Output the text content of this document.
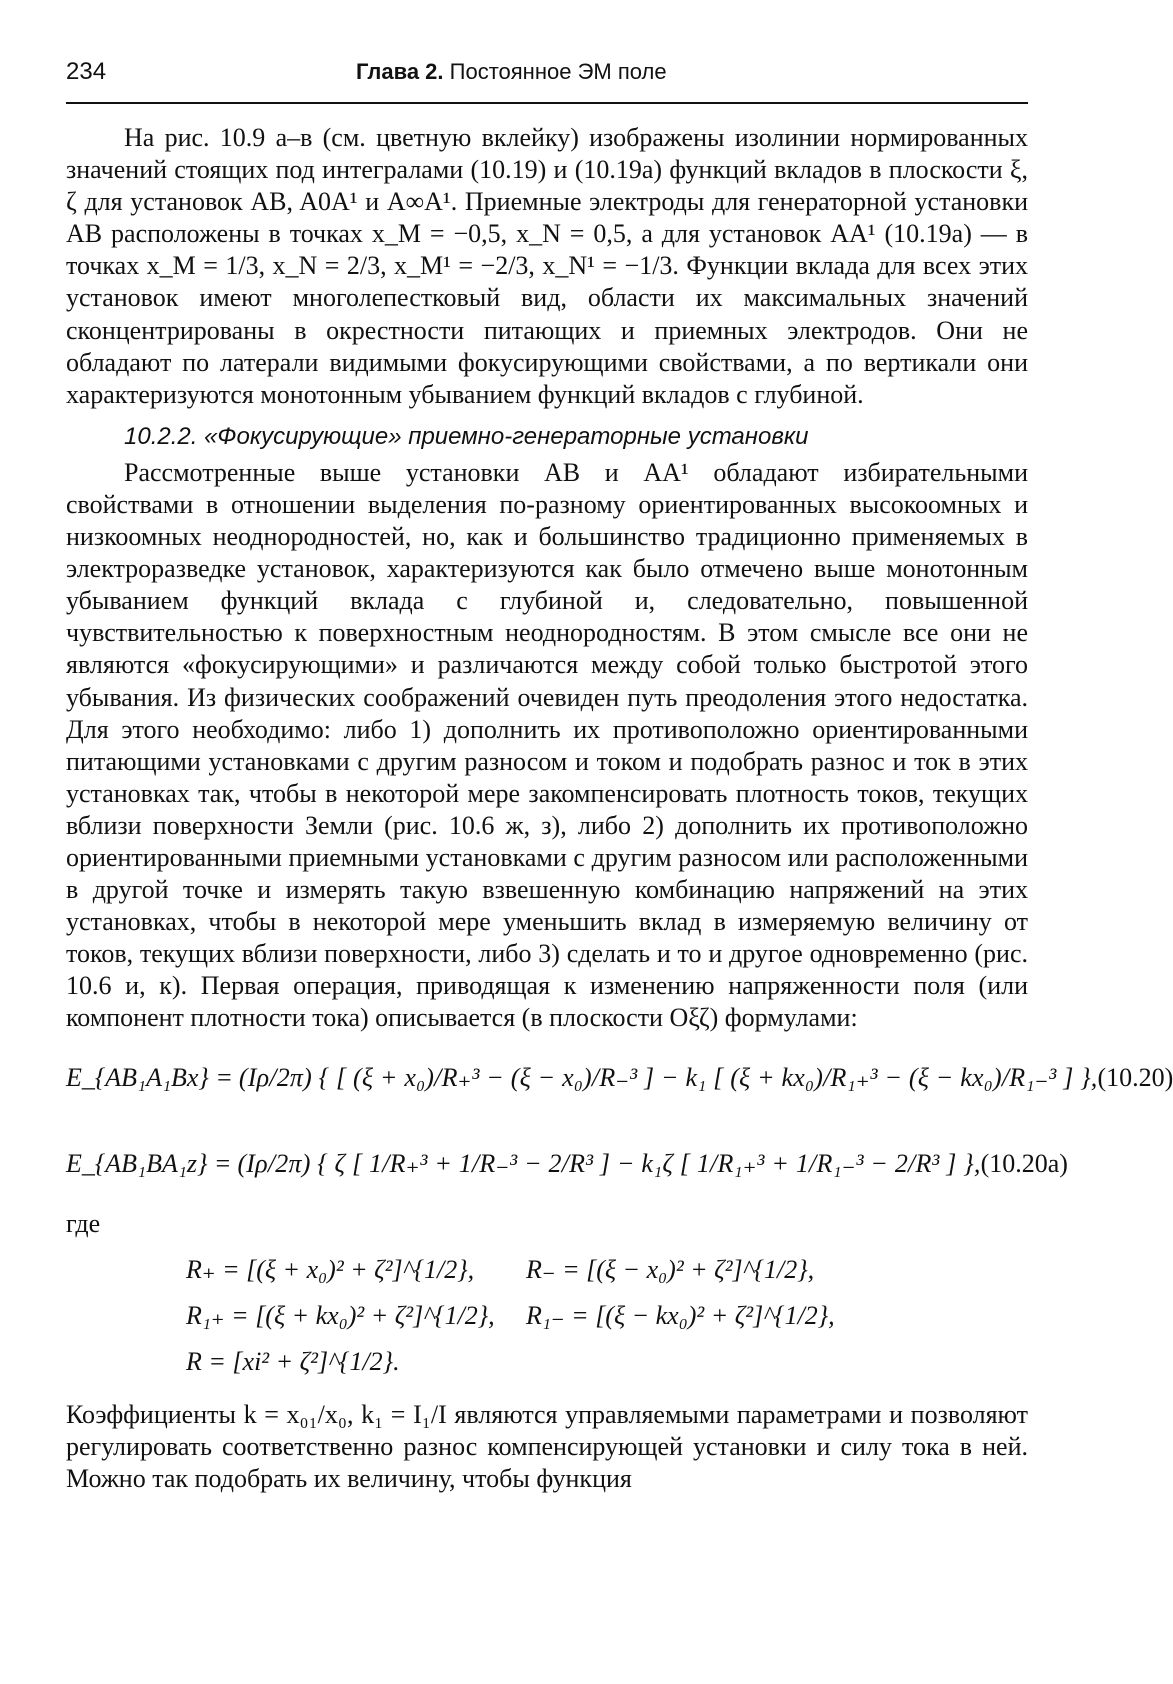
234	Глава 2. Постоянное ЭМ поле

На рис. 10.9 а–в (см. цветную вклейку) изображены изолинии нормированных значений стоящих под интегралами (10.19) и (10.19а) функций вкладов в плоскости ξ, ζ для установок AB, A0A¹ и A∞A¹. Приемные электроды для генераторной установки AB расположены в точках x_M = −0,5, x_N = 0,5, а для установок AA¹ (10.19а) — в точках x_M = 1/3, x_N = 2/3, x_M¹ = −2/3, x_N¹ = −1/3. Функции вклада для всех этих установок имеют многолепестковый вид, области их максимальных значений сконцентрированы в окрестности питающих и приемных электродов. Они не обладают по латерали видимыми фокусирующими свойствами, а по вертикали они характеризуются монотонным убыванием функций вкладов с глубиной.

10.2.2. «Фокусирующие» приемно-генераторные установки

Рассмотренные выше установки AB и AA¹ обладают избирательными свойствами в отношении выделения по-разному ориентированных высокоомных и низкоомных неоднородностей, но, как и большинство традиционно применяемых в электроразведке установок, характеризуются как было отмечено выше монотонным убыванием функций вклада с глубиной и, следовательно, повышенной чувствительностью к поверхностным неоднородностям. В этом смысле все они не являются «фокусирующими» и различаются между собой только быстротой этого убывания. Из физических соображений очевиден путь преодоления этого недостатка. Для этого необходимо: либо 1) дополнить их противоположно ориентированными питающими установками с другим разносом и током и подобрать разнос и ток в этих установках так, чтобы в некоторой мере закомпенсировать плотность токов, текущих вблизи поверхности Земли (рис. 10.6 ж, з), либо 2) дополнить их противоположно ориентированными приемными установками с другим разносом или расположенными в другой точке и измерять такую взвешенную комбинацию напряжений на этих установках, чтобы в некоторой мере уменьшить вклад в измеряемую величину от токов, текущих вблизи поверхности, либо 3) сделать и то и другое одновременно (рис. 10.6 и, к). Первая операция, приводящая к изменению напряженности поля (или компонент плотности тока) описывается (в плоскости Oξζ) формулами:

E_{AB₁A₁Bx} = (Iρ/2π) { [ (ξ + x₀)/R₊³ − (ξ − x₀)/R₋³ ] − k₁ [ (ξ + kx₀)/R₁₊³ − (ξ − kx₀)/R₁₋³ ] }, (10.20)
E_{AB₁BA₁z} = (Iρ/2π) { ζ [ 1/R₊³ + 1/R₋³ − 2/R³ ] − k₁ζ [ 1/R₁₊³ + 1/R₁₋³ − 2/R³ ] }, (10.20a)
где
R₊ = [(ξ + x₀)² + ζ²]^{1/2},	R₋ = [(ξ − x₀)² + ζ²]^{1/2},
R₁₊ = [(ξ + kx₀)² + ζ²]^{1/2},	R₁₋ = [(ξ − kx₀)² + ζ²]^{1/2},
R = [xi² + ζ²]^{1/2}.

Коэффициенты k = x₀₁/x₀, k₁ = I₁/I являются управляемыми параметрами и позволяют регулировать соответственно разнос компенсирующей установки и силу тока в ней. Можно так подобрать их величину, чтобы функция
